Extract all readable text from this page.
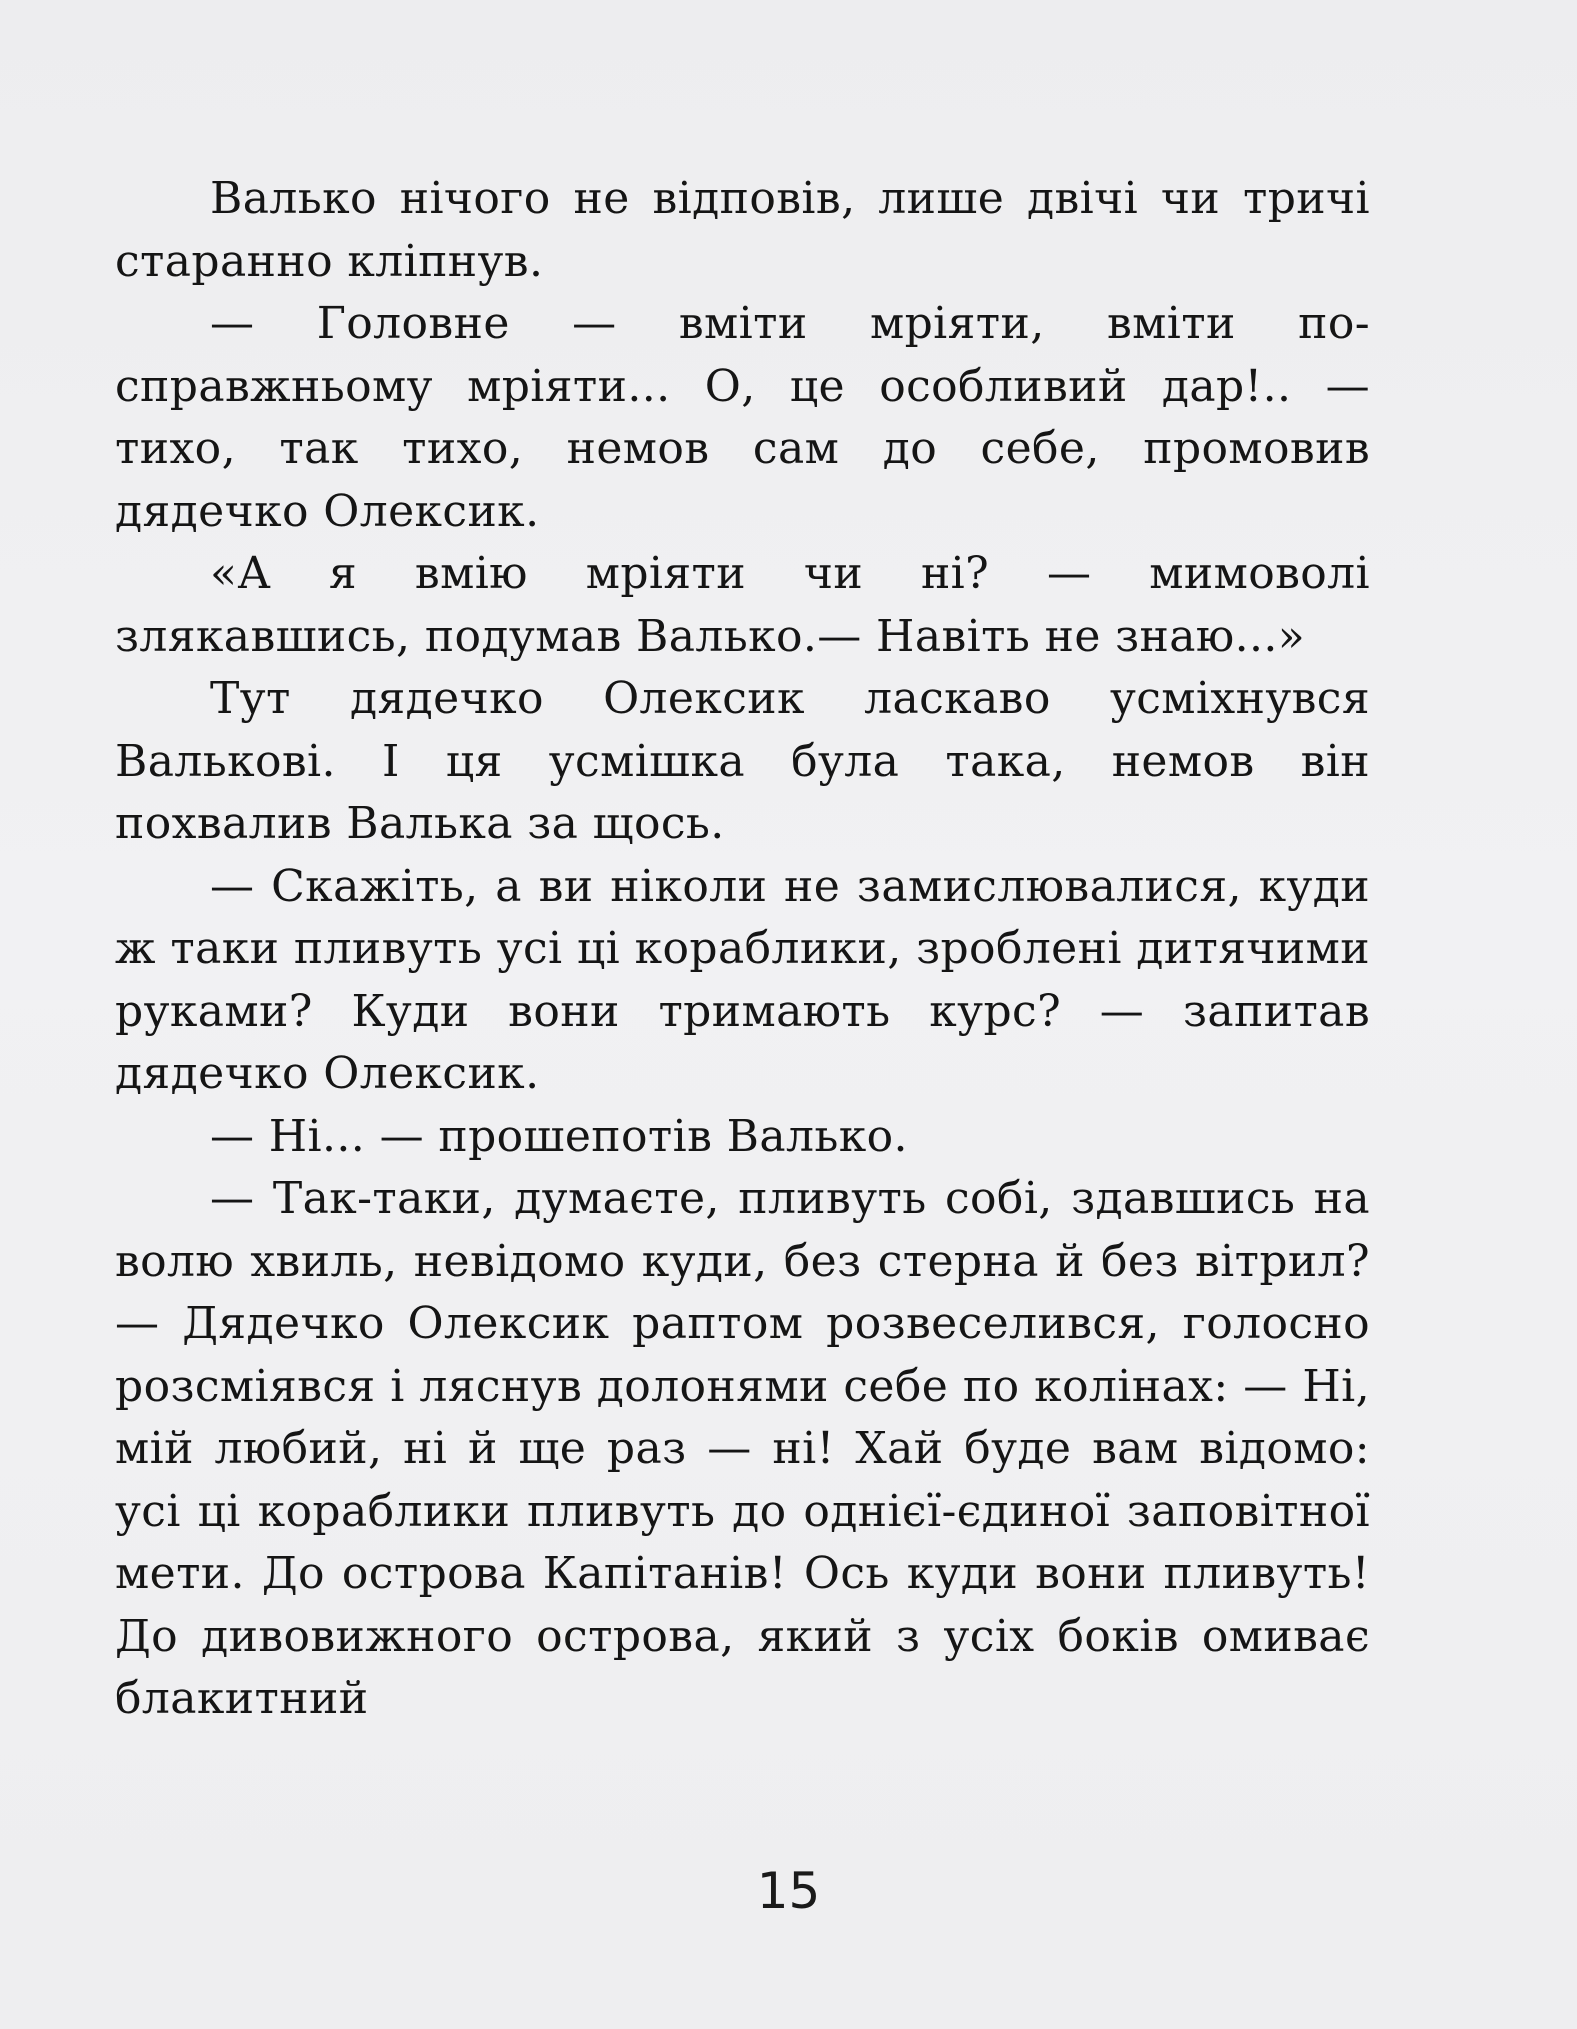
Валько нічого не відповів, лише двічі чи тричі старанно кліпнув.

— Головне — вміти мріяти, вміти по-справжньому мріяти... О, це особливий дар!.. — тихо, так тихо, немов сам до себе, промовив дядечко Олексик.

«А я вмію мріяти чи ні? — мимоволі злякавшись, подумав Валько.— Навіть не знаю...»

Тут дядечко Олексик ласкаво усміхнувся Валькові. І ця усмішка була така, немов він похвалив Валька за щось.

— Скажіть, а ви ніколи не замислювалися, куди ж таки пливуть усі ці кораблики, зроблені дитячими руками? Куди вони тримають курс? — запитав дядечко Олексик.

— Ні... — прошепотів Валько.

— Так-таки, думаєте, пливуть собі, здавшись на волю хвиль, невідомо куди, без стерна й без вітрил? — Дядечко Олексик раптом розвеселився, голосно розсміявся і ляснув долонями себе по колінах: — Ні, мій любий, ні й ще раз — ні! Хай буде вам відомо: усі ці кораблики пливуть до однієї-єдиної заповітної мети. До острова Капітанів! Ось куди вони пливуть! До дивовижного острова, який з усіх боків омиває блакитний

15
